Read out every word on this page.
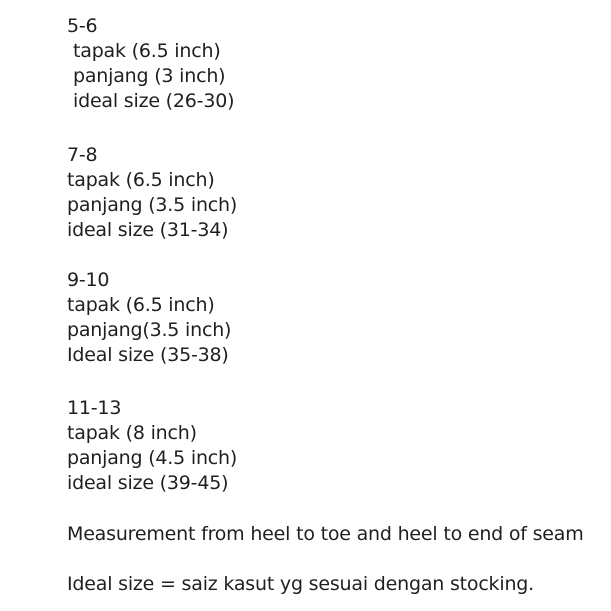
5-6
tapak (6.5 inch)
panjang (3 inch)
ideal size (26-30)
7-8
tapak (6.5 inch)
panjang (3.5 inch)
ideal size (31-34)
9-10
tapak (6.5 inch)
panjang(3.5 inch)
Ideal size (35-38)
11-13
tapak (8 inch)
panjang (4.5 inch)
ideal size (39-45)
Measurement from heel to toe and heel to end of seam
Ideal size = saiz kasut yg sesuai dengan stocking.
